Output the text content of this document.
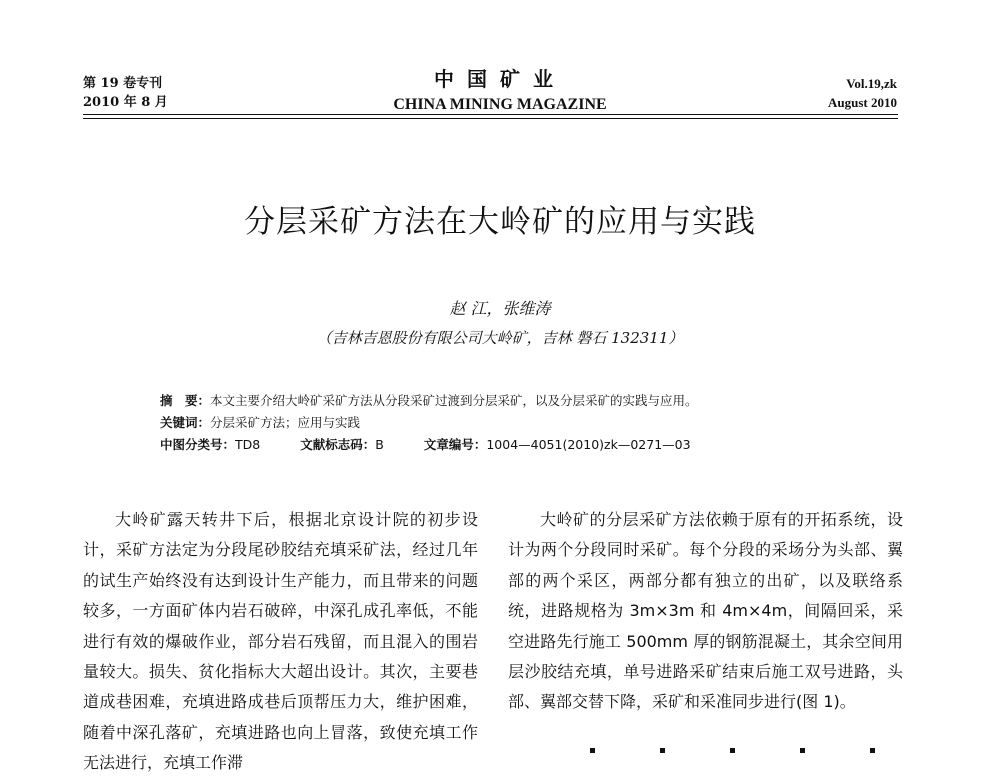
第 19 卷专刊
2010 年 8 月
中国矿业
CHINA MINING MAGAZINE
Vol.19,zk
August 2010
分层采矿方法在大岭矿的应用与实践
赵 江，张维涛
（吉林吉恩股份有限公司大岭矿，吉林 磐石 132311）
摘　要：本文主要介绍大岭矿采矿方法从分段采矿过渡到分层采矿，以及分层采矿的实践与应用。
关键词：分层采矿方法；应用与实践
中图分类号：TD8	文献标志码：B	文章编号：1004—4051(2010)zk—0271—03

大岭矿露天转井下后，根据北京设计院的初步设计，采矿方法定为分段尾砂胶结充填采矿法，经过几年的试生产始终没有达到设计生产能力，而且带来的问题较多，一方面矿体内岩石破碎，中深孔成孔率低，不能进行有效的爆破作业，部分岩石残留，而且混入的围岩量较大。损失、贫化指标大大超出设计。其次，主要巷道成巷困难，充填进路成巷后顶帮压力大，维护困难，随着中深孔落矿，充填进路也向上冒落，致使充填工作无法进行，充填工作滞

大岭矿的分层采矿方法依赖于原有的开拓系统，设计为两个分段同时采矿。每个分段的采场分为头部、翼部的两个采区，两部分都有独立的出矿，以及联络系统，进路规格为 3m×3m 和 4m×4m，间隔回采，采空进路先行施工 500mm 厚的钢筋混凝土，其余空间用层沙胶结充填，单号进路采矿结束后施工双号进路，头部、翼部交替下降，采矿和采准同步进行(图 1)。
